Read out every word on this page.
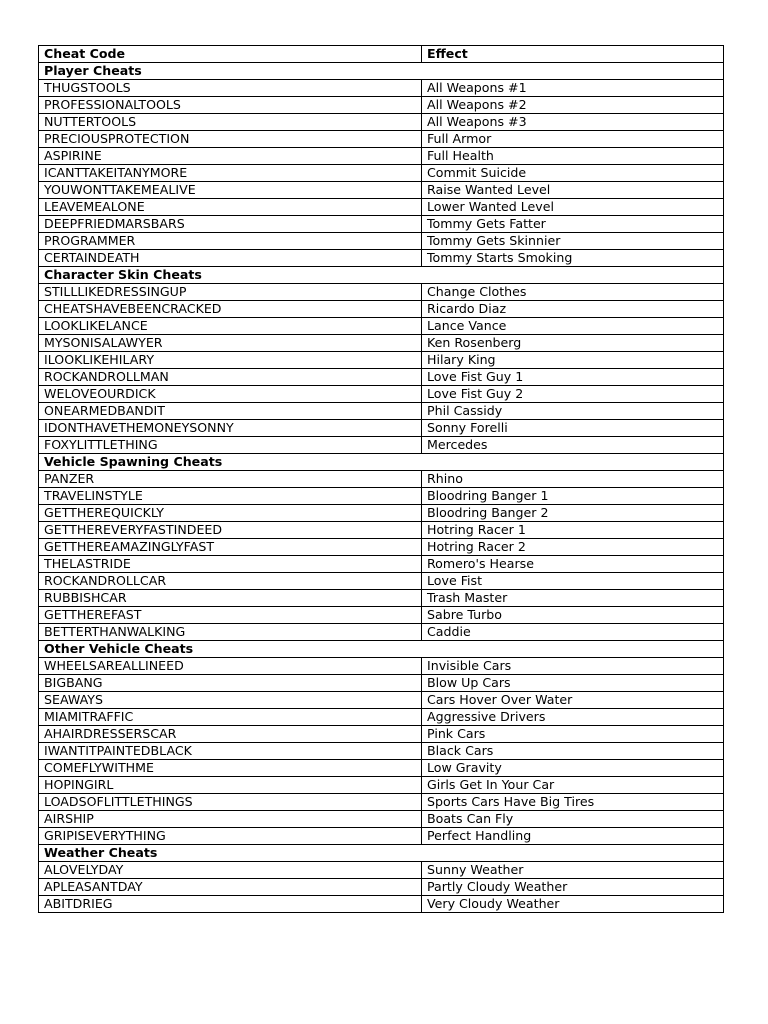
Cheat Code	Effect
Player Cheats	
THUGSTOOLS	All Weapons #1
PROFESSIONALTOOLS	All Weapons #2
NUTTERTOOLS	All Weapons #3
PRECIOUSPROTECTION	Full Armor
ASPIRINE	Full Health
ICANTTAKEITANYMORE	Commit Suicide
YOUWONTTAKEMEALIVE	Raise Wanted Level
LEAVEMEALONE	Lower Wanted Level
DEEPFRIEDMARSBARS	Tommy Gets Fatter
PROGRAMMER	Tommy Gets Skinnier
CERTAINDEATH	Tommy Starts Smoking
Character Skin Cheats	
STILLLIKEDRESSINGUP	Change Clothes
CHEATSHAVEBEENCRACKED	Ricardo Diaz
LOOKLIKELANCE	Lance Vance
MYSONISALAWYER	Ken Rosenberg
ILOOKLIKEHILARY	Hilary King
ROCKANDROLLMAN	Love Fist Guy 1
WELOVEOURDICK	Love Fist Guy 2
ONEARMEDBANDIT	Phil Cassidy
IDONTHAVETHEMONEYSONNY	Sonny Forelli
FOXYLITTLETHING	Mercedes
Vehicle Spawning Cheats	
PANZER	Rhino
TRAVELINSTYLE	Bloodring Banger 1
GETTHEREQUICKLY	Bloodring Banger 2
GETTHEREVERYFASTINDEED	Hotring Racer 1
GETTHEREAMAZINGLYFAST	Hotring Racer 2
THELASTRIDE	Romero's Hearse
ROCKANDROLLCAR	Love Fist
RUBBISHCAR	Trash Master
GETTHEREFAST	Sabre Turbo
BETTERTHANWALKING	Caddie
Other Vehicle Cheats	
WHEELSAREALLINEED	Invisible Cars
BIGBANG	Blow Up Cars
SEAWAYS	Cars Hover Over Water
MIAMITRAFFIC	Aggressive Drivers
AHAIRDRESSERSCAR	Pink Cars
IWANTITPAINTEDBLACK	Black Cars
COMEFLYWITHME	Low Gravity
HOPINGIRL	Girls Get In Your Car
LOADSOFLITTLETHINGS	Sports Cars Have Big Tires
AIRSHIP	Boats Can Fly
GRIPISEVERYTHING	Perfect Handling
Weather Cheats	
ALOVELYDAY	Sunny Weather
APLEASANTDAY	Partly Cloudy Weather
ABITDRIEG	Very Cloudy Weather
